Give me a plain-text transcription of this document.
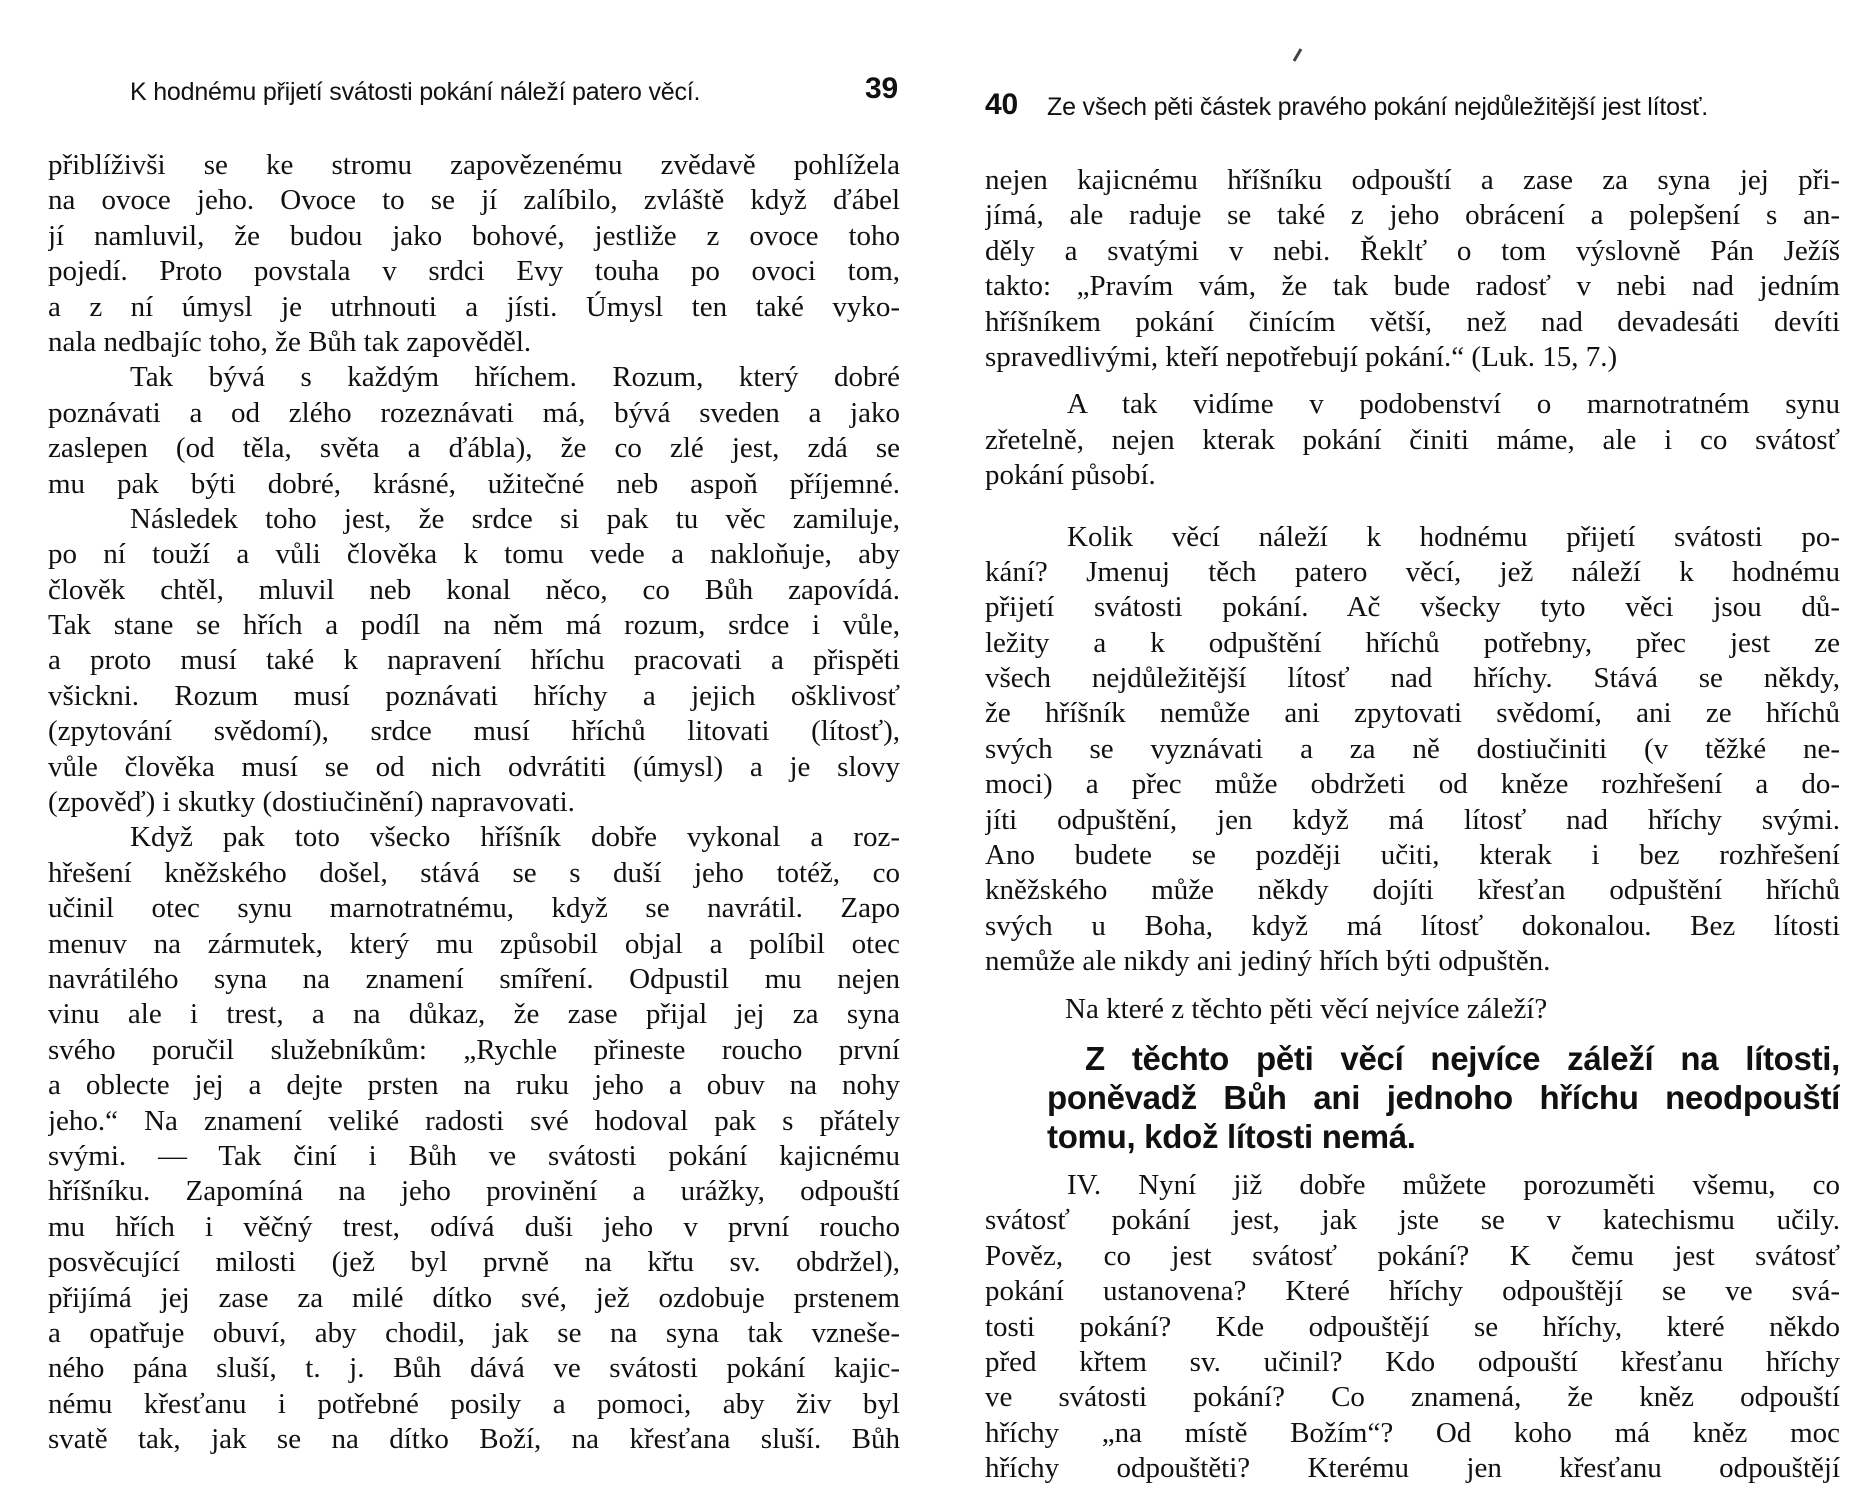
K hodnému přijetí svátosti pokání náleží patero věcí.	39
přiblíživši se ke stromu zapovězenému zvědavě pohlížela
na ovoce jeho. Ovoce to se jí zalíbilo, zvláště když ďábel
jí namluvil, že budou jako bohové, jestliže z ovoce toho
pojedí. Proto povstala v srdci Evy touha po ovoci tom,
a z ní úmysl je utrhnouti a jísti. Úmysl ten také vyko-
nala nedbajíc toho, že Bůh tak zapověděl.
Tak bývá s každým hříchem. Rozum, který dobré
poznávati a od zlého rozeznávati má, bývá sveden a jako
zaslepen (od těla, světa a ďábla), že co zlé jest, zdá se
mu pak býti dobré, krásné, užitečné neb aspoň příjemné.
Následek toho jest, že srdce si pak tu věc zamiluje,
po ní touží a vůli člověka k tomu vede a nakloňuje, aby
člověk chtěl, mluvil neb konal něco, co Bůh zapovídá.
Tak stane se hřích a podíl na něm má rozum, srdce i vůle,
a proto musí také k napravení hříchu pracovati a přispěti
všickni. Rozum musí poznávati hříchy a jejich ošklivosť
(zpytování svědomí), srdce musí hříchů litovati (lítosť),
vůle člověka musí se od nich odvrátiti (úmysl) a je slovy
(zpověď) i skutky (dostiučinění) napravovati.
Když pak toto všecko hříšník dobře vykonal a roz-
hřešení kněžského došel, stává se s duší jeho totéž, co
učinil otec synu marnotratnému, když se navrátil. Zapo
menuv na zármutek, který mu způsobil objal a políbil otec
navrátilého syna na znamení smíření. Odpustil mu nejen
vinu ale i trest, a na důkaz, že zase přijal jej za syna
svého poručil služebníkům: „Rychle přineste roucho první
a oblecte jej a dejte prsten na ruku jeho a obuv na nohy
jeho.“ Na znamení veliké radosti své hodoval pak s přátely
svými. — Tak činí i Bůh ve svátosti pokání kajicnému
hříšníku. Zapomíná na jeho provinění a urážky, odpouští
mu hřích i věčný trest, odívá duši jeho v první roucho
posvěcující milosti (jež byl prvně na křtu sv. obdržel),
přijímá jej zase za milé dítko své, jež ozdobuje prstenem
a opatřuje obuví, aby chodil, jak se na syna tak vzneše-
ného pána sluší, t. j. Bůh dává ve svátosti pokání kajic-
nému křesťanu i potřebné posily a pomoci, aby živ byl
svatě tak, jak se na dítko Boží, na křesťana sluší. Bůh
40 Ze všech pěti částek pravého pokání nejdůležitější jest lítosť.
nejen kajicnému hříšníku odpouští a zase za syna jej při-
jímá, ale raduje se také z jeho obrácení a polepšení s an-
děly a svatými v nebi. Řeklť o tom výslovně Pán Ježíš
takto: „Pravím vám, že tak bude radosť v nebi nad jedním
hříšníkem pokání činícím větší, než nad devadesáti devíti
spravedlivými, kteří nepotřebují pokání.“ (Luk. 15, 7.)
A tak vidíme v podobenství o marnotratném synu
zřetelně, nejen kterak pokání činiti máme, ale i co svátosť
pokání působí.
Kolik věcí náleží k hodnému přijetí svátosti po-
kání? Jmenuj těch patero věcí, jež náleží k hodnému
přijetí svátosti pokání. Ač všecky tyto věci jsou dů-
ležity a k odpuštění hříchů potřebny, přec jest ze
všech nejdůležitější lítosť nad hříchy. Stává se někdy,
že hříšník nemůže ani zpytovati svědomí, ani ze hříchů
svých se vyznávati a za ně dostiučiniti (v těžké ne-
moci) a přec může obdržeti od kněze rozhřešení a do-
jíti odpuštění, jen když má lítosť nad hříchy svými.
Ano budete se později učiti, kterak i bez rozhřešení
kněžského může někdy dojíti křesťan odpuštění hříchů
svých u Boha, když má lítosť dokonalou. Bez lítosti
nemůže ale nikdy ani jediný hřích býti odpuštěn.
Na které z těchto pěti věcí nejvíce záleží?
Z těchto pěti věcí nejvíce záleží na lítosti,
poněvadž Bůh ani jednoho hříchu neodpouští
tomu, kdož lítosti nemá.
IV. Nyní již dobře můžete porozuměti všemu, co
svátosť pokání jest, jak jste se v katechismu učily.
Pověz, co jest svátosť pokání? K čemu jest svátosť
pokání ustanovena? Které hříchy odpouštějí se ve svá-
tosti pokání? Kde odpouštějí se hříchy, které někdo
před křtem sv. učinil? Kdo odpouští křesťanu hříchy
ve svátosti pokání? Co znamená, že kněz odpouští
hříchy „na místě Božím“? Od koho má kněz moc
hříchy odpouštěti? Kterému jen křesťanu odpouštějí
